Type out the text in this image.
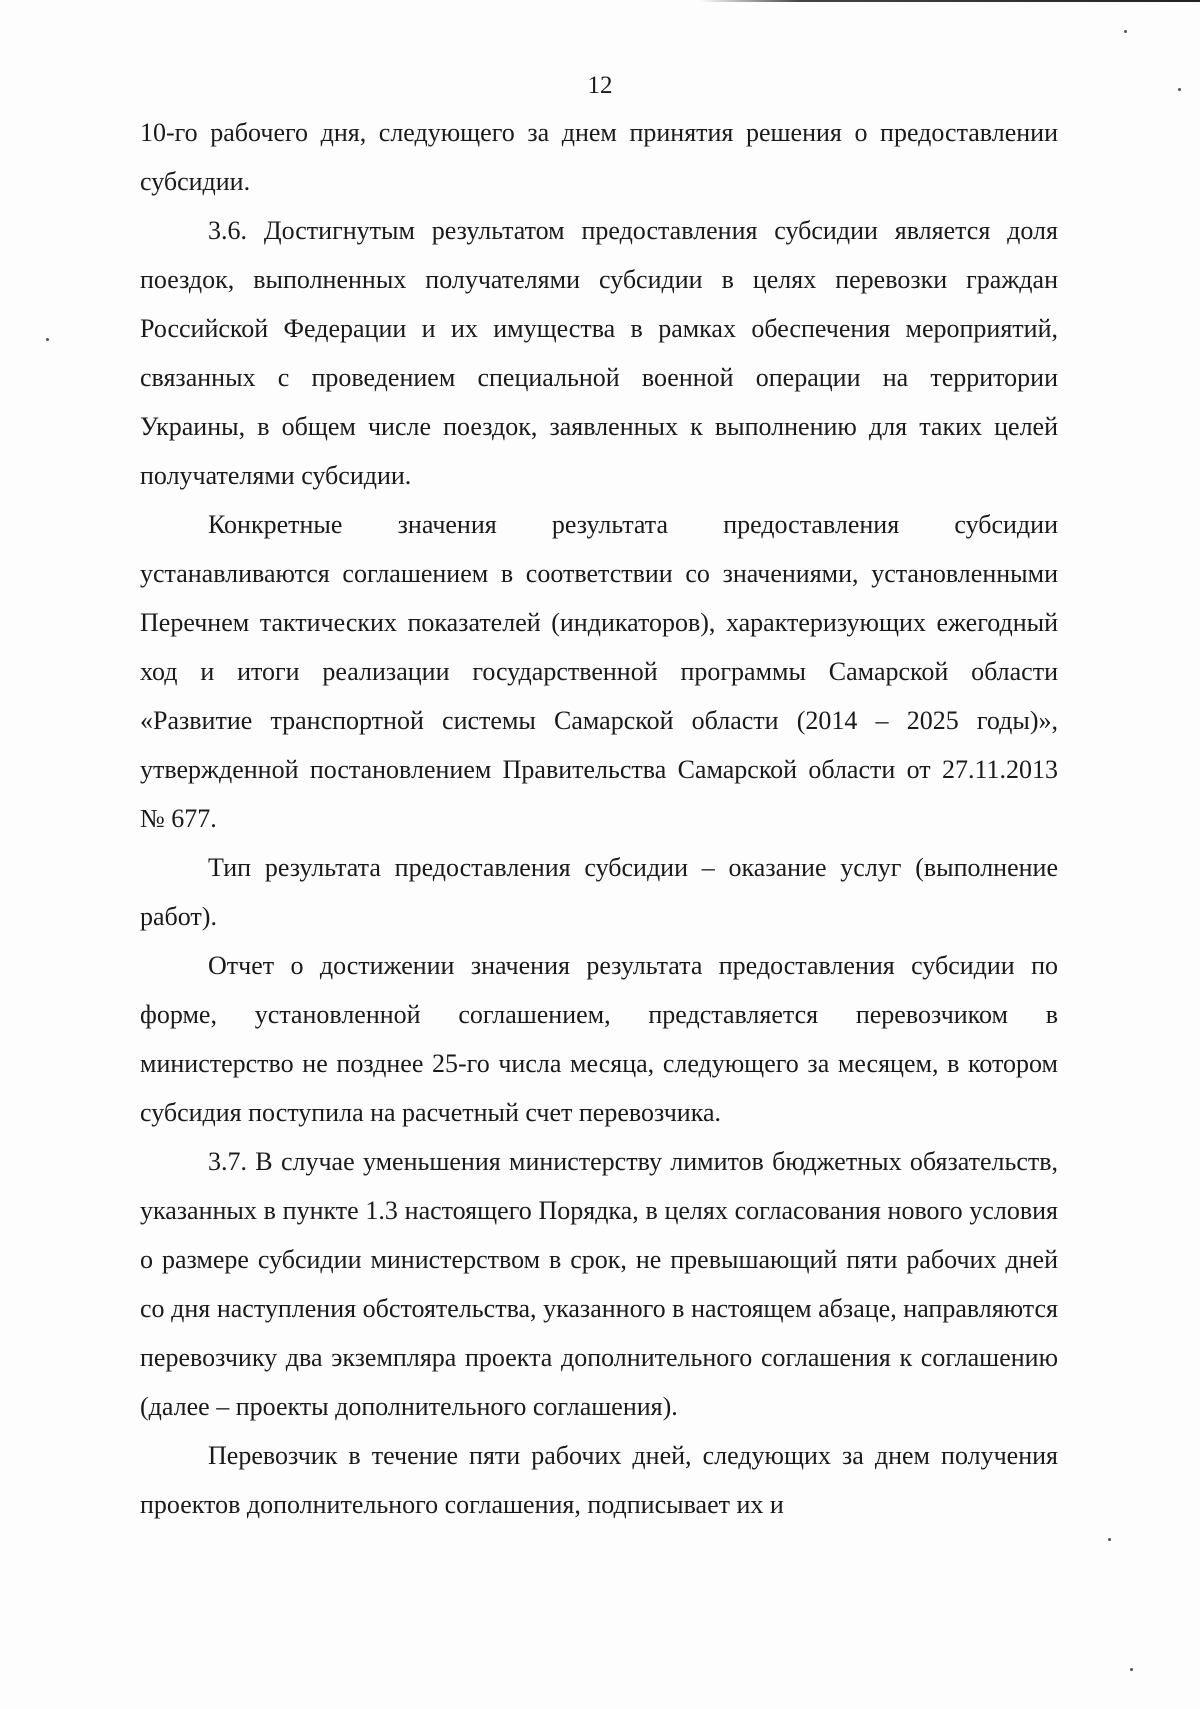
12

10-го рабочего дня, следующего за днем принятия решения о предоставлении субсидии.

3.6. Достигнутым результатом предоставления субсидии является доля поездок, выполненных получателями субсидии в целях перевозки граждан Российской Федерации и их имущества в рамках обеспечения мероприятий, связанных с проведением специальной военной операции на территории Украины, в общем числе поездок, заявленных к выполнению для таких целей получателями субсидии.

Конкретные значения результата предоставления субсидии устанавливаются соглашением в соответствии со значениями, установленными Перечнем тактических показателей (индикаторов), характеризующих ежегодный ход и итоги реализации государственной программы Самарской области «Развитие транспортной системы Самарской области (2014 – 2025 годы)», утвержденной постановлением Правительства Самарской области от 27.11.2013 № 677.

Тип результата предоставления субсидии – оказание услуг (выполнение работ).

Отчет о достижении значения результата предоставления субсидии по форме, установленной соглашением, представляется перевозчиком в министерство не позднее 25-го числа месяца, следующего за месяцем, в котором субсидия поступила на расчетный счет перевозчика.

3.7. В случае уменьшения министерству лимитов бюджетных обязательств, указанных в пункте 1.3 настоящего Порядка, в целях согласования нового условия о размере субсидии министерством в срок, не превышающий пяти рабочих дней со дня наступления обстоятельства, указанного в настоящем абзаце, направляются перевозчику два экземпляра проекта дополнительного соглашения к соглашению (далее – проекты дополнительного соглашения).

Перевозчик в течение пяти рабочих дней, следующих за днем получения проектов дополнительного соглашения, подписывает их и
